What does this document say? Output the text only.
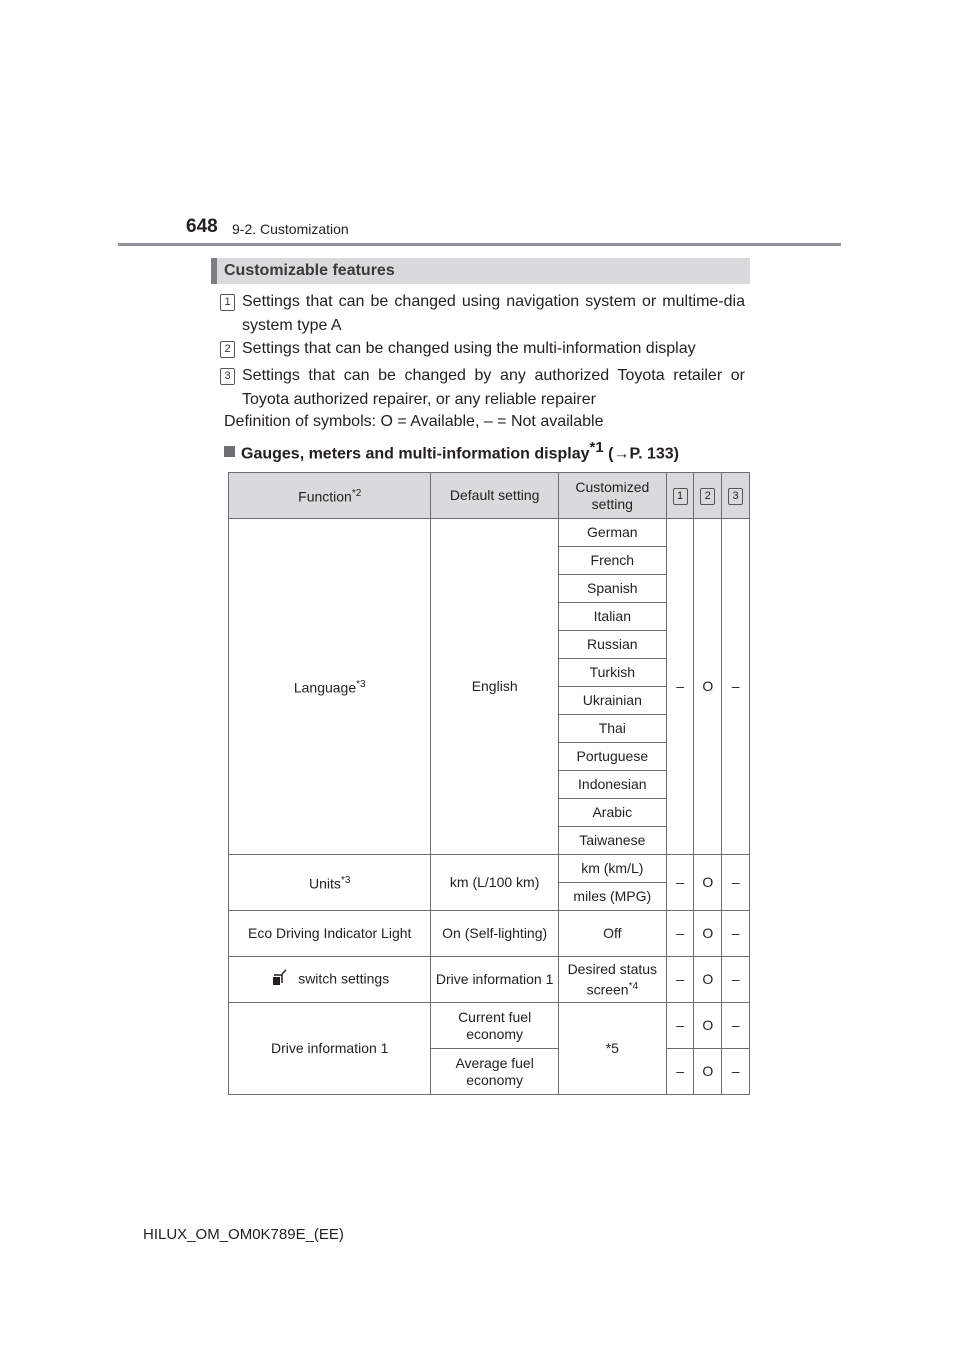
648 9-2. Customization
Customizable features
1 Settings that can be changed using navigation system or multime-dia system type A
2 Settings that can be changed using the multi-information display
3 Settings that can be changed by any authorized Toyota retailer or Toyota authorized repairer, or any reliable repairer
Definition of symbols: O = Available, – = Not available
Gauges, meters and multi-information display$^{*1}$ (→P. 133)
Function$^{*2}$	Default setting	Customized setting	1	2	3
Language$^{*3}$	English	German	–	O	–
		French			
		Spanish			
		Italian			
		Russian			
		Turkish			
		Ukrainian			
		Thai			
		Portuguese			
		Indonesian			
		Arabic			
		Taiwanese			
Units$^{*3}$	km (L/100 km)	km (km/L)	–	O	–
		miles (MPG)			
Eco Driving Indicator Light	On (Self-lighting)	Off	–	O	–
switch settings	Drive information 1	Desired status screen$^{*4}$	–	O	–
Drive information 1	Current fuel economy	*5	–	O	–
	Average fuel economy		–	O	–
HILUX_OM_OM0K789E_(EE)
